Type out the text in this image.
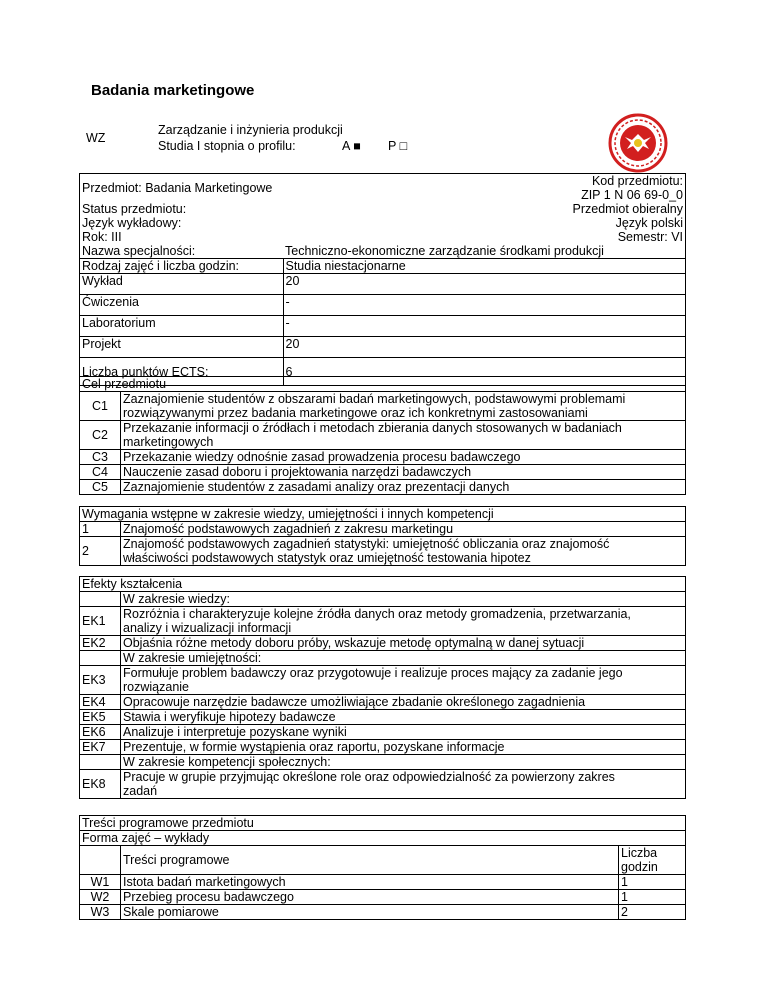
Badania marketingowe
WZ
Zarządzanie i inżynieria produkcji
Studia I stopnia o profilu:	A ■	P □
Przedmiot: Badania Marketingowe	Kod przedmiotu:
ZIP 1 N 06 69-0_0

Status przedmiotu:	Przedmiot obieralny
Język wykładowy:	Język polski
Rok: III	Semestr: VI
Nazwa specjalności:	Techniczno-ekonomiczne zarządzanie środkami produkcji
Rodzaj zajęć i liczba godzin:	Studia niestacjonarne
Wykład	20
Ćwiczenia	-
Laboratorium	-
Projekt	20
Liczba punktów ECTS:	6
Cel przedmiotu	
C1	Zaznajomienie studentów z obszarami badań marketingowych, podstawowymi problemami
rozwiązywanymi przez badania marketingowe oraz ich konkretnymi zastosowaniami

C2	Przekazanie informacji o źródłach i metodach zbierania danych stosowanych w badaniach
marketingowych

C3	Przekazanie wiedzy odnośnie zasad prowadzenia procesu badawczego
C4	Nauczenie zasad doboru i projektowania narzędzi badawczych
C5	Zaznajomienie studentów z zasadami analizy oraz prezentacji danych
Wymagania wstępne w zakresie wiedzy, umiejętności i innych kompetencji	
1	Znajomość podstawowych zagadnień z zakresu marketingu
2	Znajomość podstawowych zagadnień statystyki: umiejętność obliczania oraz znajomość
właściwości podstawowych statystyk oraz umiejętność testowania hipotez
Efekty kształcenia	
	W zakresie wiedzy:
EK1	Rozróżnia i charakteryzuje kolejne źródła danych oraz metody gromadzenia, przetwarzania,
analizy i wizualizacji informacji

EK2	Objaśnia różne metody doboru próby, wskazuje metodę optymalną w danej sytuacji
	W zakresie umiejętności:
EK3	Formułuje problem badawczy oraz przygotowuje i realizuje proces mający za zadanie jego
rozwiązanie

EK4	Opracowuje narzędzie badawcze umożliwiające zbadanie określonego zagadnienia
EK5	Stawia i weryfikuje hipotezy badawcze
EK6	Analizuje i interpretuje pozyskane wyniki
EK7	Prezentuje, w formie wystąpienia oraz raportu, pozyskane informacje
	W zakresie kompetencji społecznych:
EK8	Pracuje w grupie przyjmując określone role oraz odpowiedzialność za powierzony zakres
zadań
Treści programowe przedmiotu		
Forma zajęć – wykłady		
	Treści programowe	Liczba
godzin

W1	Istota badań marketingowych	1
W2	Przebieg procesu badawczego	1
W3	Skale pomiarowe	2
